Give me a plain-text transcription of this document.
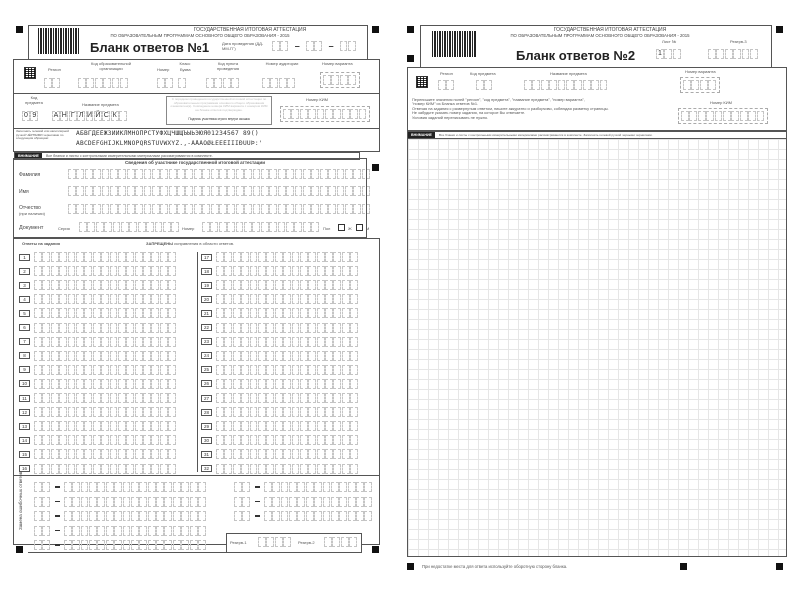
ГОСУДАРСТВЕННАЯ ИТОГОВАЯ АТТЕСТАЦИЯ
ПО ОБРАЗОВАТЕЛЬНЫМ ПРОГРАММАМ ОСНОВНОГО ОБЩЕГО ОБРАЗОВАНИЯ - 2015
Бланк ответов №1	Дата проведения (ДД-ММ-ГГ)	–	–
Регион
Код образовательной организации
Класс
Номер	Буква
Код пункта проведения
Номер аудитории	Номер варианта
Код предмета
0 9
Название предмета
А Н Г Л И Й С К
С порядком проведения государственной итоговой аттестации по образовательным программам основного общего образования ознакомлен(а). Совпадение номера КИМ варианта с номером КИМ на бланке ответов подтверждаю.
Подпись участника строго внутри окошка
Номер КИМ
Заполнять гелевой или капиллярной ручкой ЧЁРНЫМИ чернилами по следующим образцам:
АБВГДЕЁЖЗИЙКЛМНОПРСТУФХЦЧШЩЪЫЬЭЮЯ01234567 89()
ABCDEFGHIJKLMNOPQRSTUVWXYZ.,-ÄÅÄÖØŁÉÊËÏÎÍÐÚÜÞ:'
ВНИМАНИЕ	Все бланки и листы с контрольными измерительными материалами рассматриваются в комплекте.
Сведения об участнике государственной итоговой аттестации
Фамилия
Имя
Отчество
(при наличии)
Документ	Серия	Номер	Пол	Ж	М
Ответы на задания	ЗАПРЕЩЕНЫ исправления в области ответов.
1
2
3
4
5
6
7
8
9
10
11
12
13
14
15
16
17
18
19
20
21
22
23
24
25
26
27
28
29
30
31
32
Замена ошибочных ответов
Резерв-1	Резерв-2
ГОСУДАРСТВЕННАЯ ИТОГОВАЯ АТТЕСТАЦИЯ
ПО ОБРАЗОВАТЕЛЬНЫМ ПРОГРАММАМ ОСНОВНОГО ОБЩЕГО ОБРАЗОВАНИЯ - 2015
Лист №	Резерв-3
Бланк ответов №2	1
Регион	Код предмета	Название предмета	Номер варианта
Номер КИМ
Перепишите значения полей "регион", "код предмета", "название предмета", "номер варианта",
"номер КИМ" из Бланка ответов №1.
Отвечая на задания с развернутым ответом, пишите аккуратно и разборчиво, соблюдая разметку страницы.
Не забудьте указать номер задания, на которое Вы отвечаете.
Условия заданий переписывать не нужно.
ВНИМАНИЕ	Все бланки и листы с контрольными измерительными материалами рассматриваются в комплекте. Заполнять гелевой ручкой черными чернилами.
При недостатке места для ответа используйте оборотную сторону бланка.
